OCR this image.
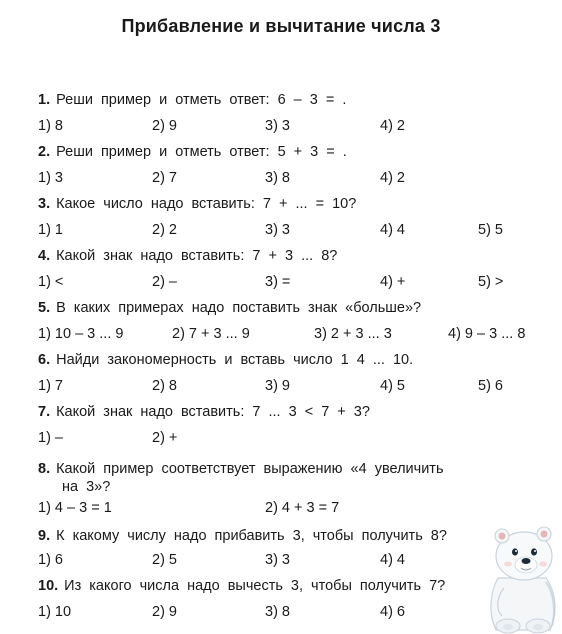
Прибавление и вычитание числа 3
1. Реши пример и отметь ответ: 6 – 3 = .
1) 8	2) 9	3) 3	4) 2
2. Реши пример и отметь ответ: 5 + 3 = .
1) 3	2) 7	3) 8	4) 2
3. Какое число надо вставить: 7 + ... = 10?
1) 1	2) 2	3) 3	4) 4	5) 5
4. Какой знак надо вставить: 7 + 3 ... 8?
1) <	2) –	3) =	4) +	5) >
5. В каких примерах надо поставить знак «больше»?
1) 10 – 3 ... 9	2) 7 + 3 ... 9	3) 2 + 3 ... 3	4) 9 – 3 ... 8
6. Найди закономерность и вставь число 1 4 ... 10.
1) 7	2) 8	3) 9	4) 5	5) 6
7. Какой знак надо вставить: 7 ... 3 < 7 + 3?
1) –	2) +
8. Какой пример соответствует выражению «4 увеличить
на 3»?
1) 4 – 3 = 1	2) 4 + 3 = 7
9. К какому числу надо прибавить 3, чтобы получить 8?
1) 6	2) 5	3) 3	4) 4
10. Из какого числа надо вычесть 3, чтобы получить 7?
1) 10	2) 9	3) 8	4) 6
